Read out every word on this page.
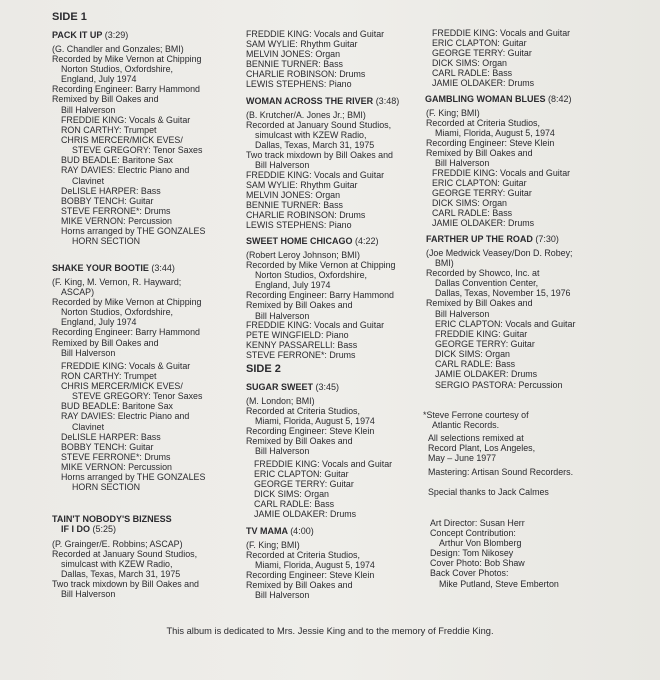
SIDE 1
PACK IT UP (3:29)
(G. Chandler and Gonzales; BMI)
Recorded by Mike Vernon at Chipping
Norton Studios, Oxfordshire,
England, July 1974
Recording Engineer: Barry Hammond
Remixed by Bill Oakes and
Bill Halverson
FREDDIE KING: Vocals & Guitar
RON CARTHY: Trumpet
CHRIS MERCER/MICK EVES/
STEVE GREGORY: Tenor Saxes
BUD BEADLE: Baritone Sax
RAY DAVIES: Electric Piano and
Clavinet
DeLISLE HARPER: Bass
BOBBY TENCH: Guitar
STEVE FERRONE*: Drums
MIKE VERNON: Percussion
Horns arranged by THE GONZALES
HORN SECTION
SHAKE YOUR BOOTIE (3:44)
(F. King, M. Vernon, R. Hayward;
ASCAP)
Recorded by Mike Vernon at Chipping
Norton Studios, Oxfordshire,
England, July 1974
Recording Engineer: Barry Hammond
Remixed by Bill Oakes and
Bill Halverson
FREDDIE KING: Vocals & Guitar
RON CARTHY: Trumpet
CHRIS MERCER/MICK EVES/
STEVE GREGORY: Tenor Saxes
BUD BEADLE: Baritone Sax
RAY DAVIES: Electric Piano and
Clavinet
DeLISLE HARPER: Bass
BOBBY TENCH: Guitar
STEVE FERRONE*: Drums
MIKE VERNON: Percussion
Horns arranged by THE GONZALES
HORN SECTION
TAIN'T NOBODY'S BIZNESS
IF I DO (5:25)
(P. Grainger/E. Robbins; ASCAP)
Recorded at January Sound Studios,
simulcast with KZEW Radio,
Dallas, Texas, March 31, 1975
Two track mixdown by Bill Oakes and
Bill Halverson
FREDDIE KING: Vocals and Guitar
SAM WYLIE: Rhythm Guitar
MELVIN JONES: Organ
BENNIE TURNER: Bass
CHARLIE ROBINSON: Drums
LEWIS STEPHENS: Piano
WOMAN ACROSS THE RIVER (3:48)
(B. Krutcher/A. Jones Jr.; BMI)
Recorded at January Sound Studios,
simulcast with KZEW Radio,
Dallas, Texas, March 31, 1975
Two track mixdown by Bill Oakes and
Bill Halverson
FREDDIE KING: Vocals and Guitar
SAM WYLIE: Rhythm Guitar
MELVIN JONES: Organ
BENNIE TURNER: Bass
CHARLIE ROBINSON: Drums
LEWIS STEPHENS: Piano
SWEET HOME CHICAGO (4:22)
(Robert Leroy Johnson; BMI)
Recorded by Mike Vernon at Chipping
Norton Studios, Oxfordshire,
England, July 1974
Recording Engineer: Barry Hammond
Remixed by Bill Oakes and
Bill Halverson
FREDDIE KING: Vocals and Guitar
PETE WINGFIELD: Piano
KENNY PASSARELLI: Bass
STEVE FERRONE*: Drums
SIDE 2
SUGAR SWEET (3:45)
(M. London; BMI)
Recorded at Criteria Studios,
Miami, Florida, August 5, 1974
Recording Engineer: Steve Klein
Remixed by Bill Oakes and
Bill Halverson
FREDDIE KING: Vocals and Guitar
ERIC CLAPTON: Guitar
GEORGE TERRY: Guitar
DICK SIMS: Organ
CARL RADLE: Bass
JAMIE OLDAKER: Drums
TV MAMA (4:00)
(F. King; BMI)
Recorded at Criteria Studios,
Miami, Florida, August 5, 1974
Recording Engineer: Steve Klein
Remixed by Bill Oakes and
Bill Halverson
FREDDIE KING: Vocals and Guitar
ERIC CLAPTON: Guitar
GEORGE TERRY: Guitar
DICK SIMS: Organ
CARL RADLE: Bass
JAMIE OLDAKER: Drums
GAMBLING WOMAN BLUES (8:42)
(F. King; BMI)
Recorded at Criteria Studios,
Miami, Florida, August 5, 1974
Recording Engineer: Steve Klein
Remixed by Bill Oakes and
Bill Halverson
FREDDIE KING: Vocals and Guitar
ERIC CLAPTON: Guitar
GEORGE TERRY: Guitar
DICK SIMS: Organ
CARL RADLE: Bass
JAMIE OLDAKER: Drums
FARTHER UP THE ROAD (7:30)
(Joe Medwick Veasey/Don D. Robey;
BMI)
Recorded by Showco, Inc. at
Dallas Convention Center,
Dallas, Texas, November 15, 1976
Remixed by Bill Oakes and
Bill Halverson
ERIC CLAPTON: Vocals and Guitar
FREDDIE KING: Guitar
GEORGE TERRY: Guitar
DICK SIMS: Organ
CARL RADLE: Bass
JAMIE OLDAKER: Drums
SERGIO PASTORA: Percussion
*Steve Ferrone courtesy of
Atlantic Records.
All selections remixed at
Record Plant, Los Angeles,
May – June 1977
Mastering: Artisan Sound Recorders.
Special thanks to Jack Calmes
Art Director: Susan Herr
Concept Contribution:
Arthur Von Blomberg
Design: Tom Nikosey
Cover Photo: Bob Shaw
Back Cover Photos:
Mike Putland, Steve Emberton
This album is dedicated to Mrs. Jessie King and to the memory of Freddie King.
